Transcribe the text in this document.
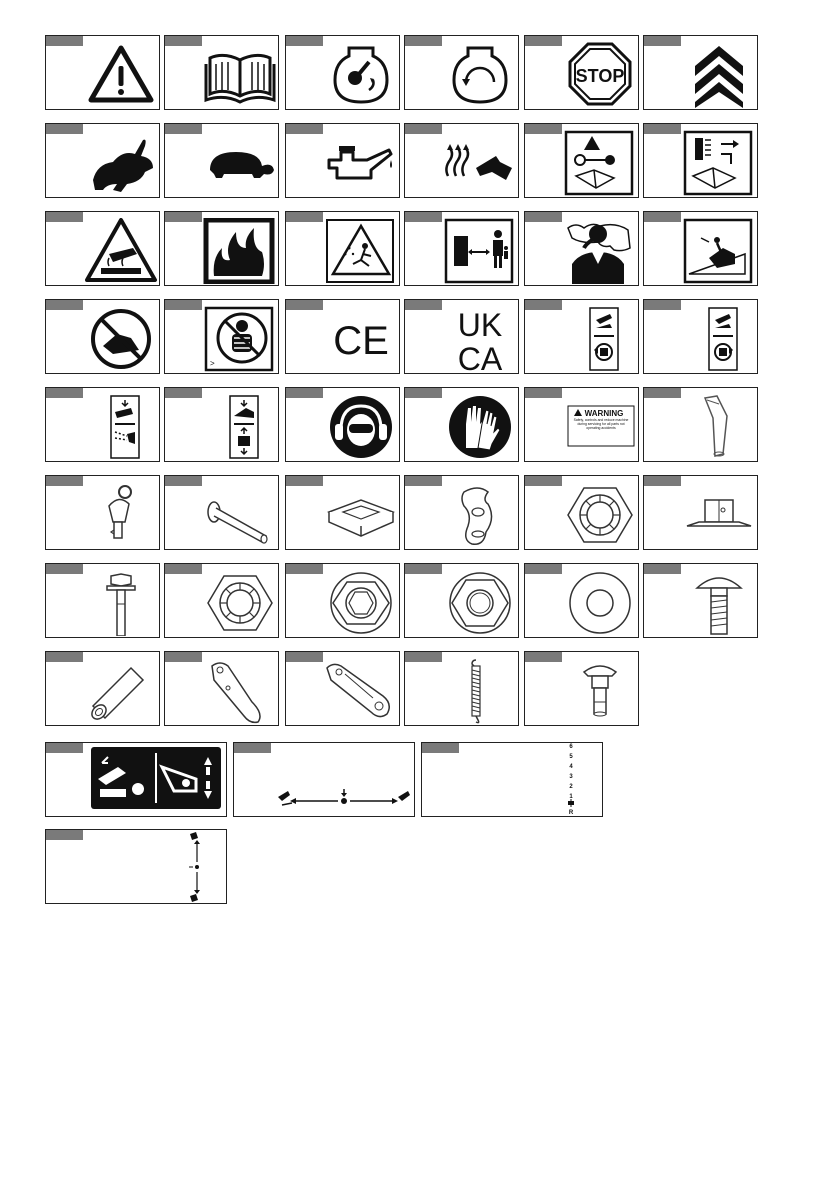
STOP
>
CE UK
CA
WARNING
Safety, controls and reduce machine during servicing for all parts not operating accidents
6
5
4
3
2
1
R
